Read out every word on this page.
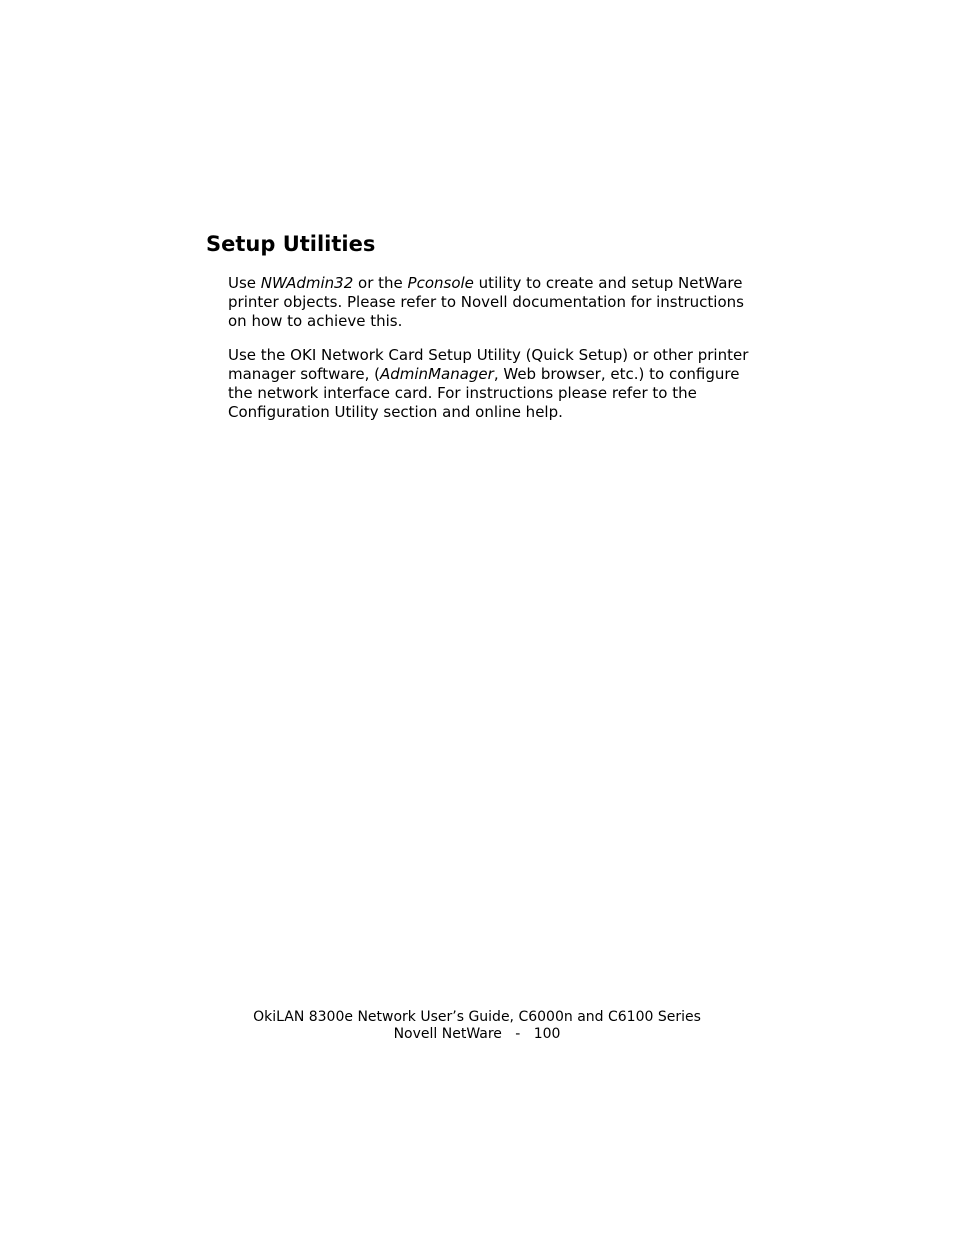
Setup Utilities

Use NWAdmin32 or the Pconsole utility to create and setup NetWare printer objects. Please refer to Novell documentation for instructions on how to achieve this.

Use the OKI Network Card Setup Utility (Quick Setup) or other printer manager software, (AdminManager, Web browser, etc.) to configure the network interface card. For instructions please refer to the Configuration Utility section and online help.

OkiLAN 8300e Network User’s Guide, C6000n and C6100 Series
Novell NetWare   -   100
